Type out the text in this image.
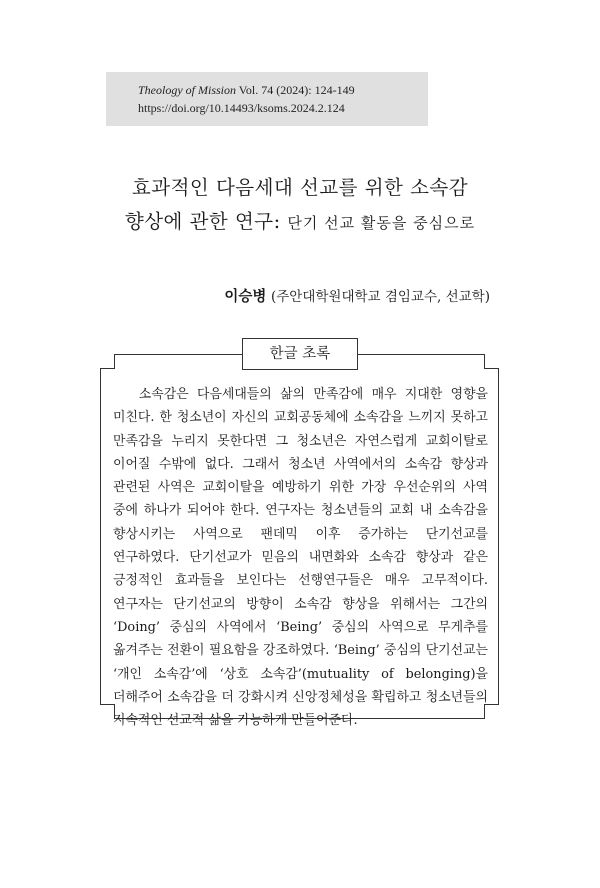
Theology of Mission Vol. 74 (2024): 124-149
https://doi.org/10.14493/ksoms.2024.2.124
효과적인 다음세대 선교를 위한 소속감
향상에 관한 연구: 단기 선교 활동을 중심으로
이승병 (주안대학원대학교 겸임교수, 선교학)
한글 초록

소속감은 다음세대들의 삶의 만족감에 매우 지대한 영향을 미친다. 한 청소년이 자신의 교회공동체에 소속감을 느끼지 못하고 만족감을 누리지 못한다면 그 청소년은 자연스럽게 교회이탈로 이어질 수밖에 없다. 그래서 청소년 사역에서의 소속감 향상과 관련된 사역은 교회이탈을 예방하기 위한 가장 우선순위의 사역 중에 하나가 되어야 한다. 연구자는 청소년들의 교회 내 소속감을 향상시키는 사역으로 팬데믹 이후 증가하는 단기선교를 연구하였다. 단기선교가 믿음의 내면화와 소속감 향상과 같은 긍정적인 효과들을 보인다는 선행연구들은 매우 고무적이다. 연구자는 단기선교의 방향이 소속감 향상을 위해서는 그간의 ‘Doing’ 중심의 사역에서 ‘Being’ 중심의 사역으로 무게추를 옮겨주는 전환이 필요함을 강조하였다. ‘Being’ 중심의 단기선교는 ‘개인 소속감’에 ‘상호 소속감’(mutuality of belonging)을 더해주어 소속감을 더 강화시켜 신앙정체성을 확립하고 청소년들의 지속적인 선교적 삶을 가능하게 만들어준다.
